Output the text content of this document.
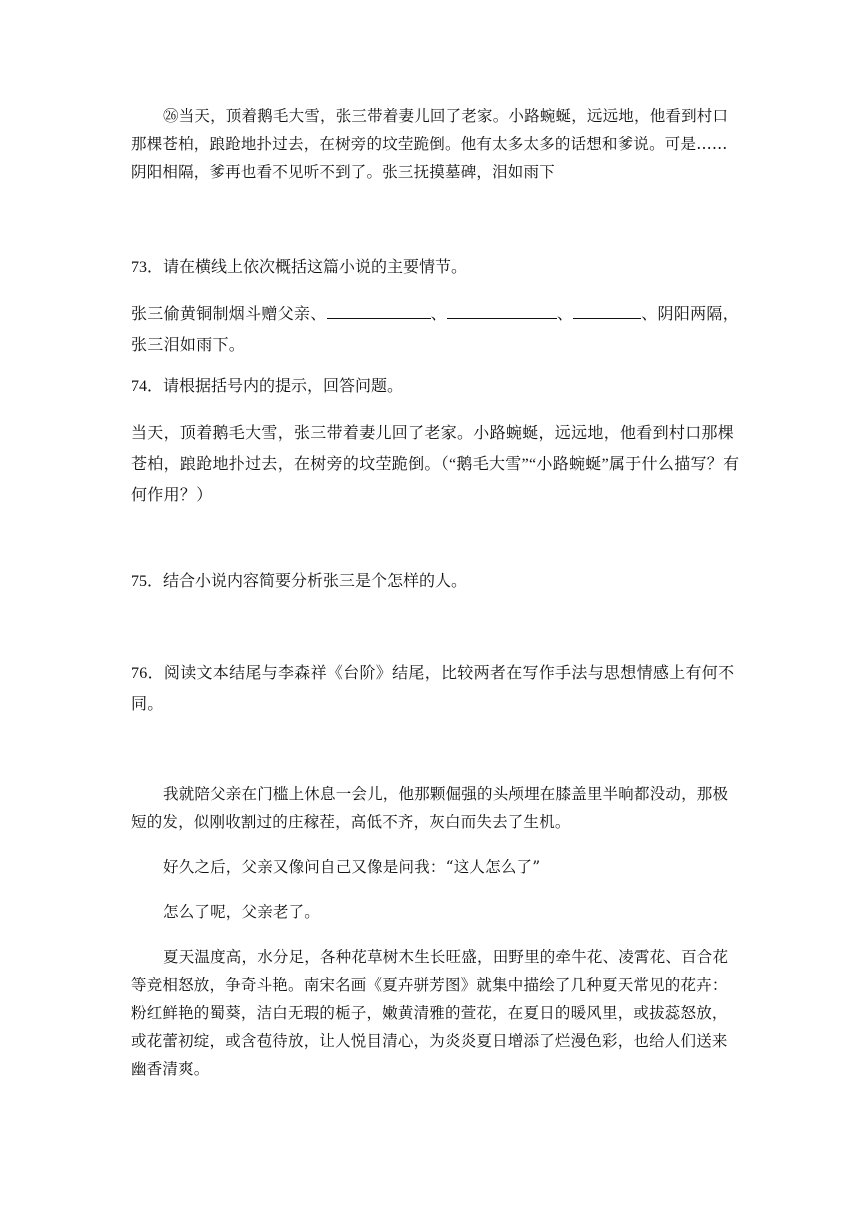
㉖当天，顶着鹅毛大雪，张三带着妻儿回了老家。小路蜿蜒，远远地，他看到村口那棵苍柏，踉跄地扑过去，在树旁的坟茔跪倒。他有太多太多的话想和爹说。可是……阴阳相隔，爹再也看不见听不到了。张三抚摸墓碑，泪如雨下

73．请在横线上依次概括这篇小说的主要情节。

张三偷黄铜制烟斗赠父亲、	、	、	、阴阳两隔，张三泪如雨下。

74．请根据括号内的提示，回答问题。

当天，顶着鹅毛大雪，张三带着妻儿回了老家。小路蜿蜒，远远地，他看到村口那棵苍柏，踉跄地扑过去，在树旁的坟茔跪倒。（“鹅毛大雪”“小路蜿蜒”属于什么描写？有何作用？）

75．结合小说内容简要分析张三是个怎样的人。

76．阅读文本结尾与李森祥《台阶》结尾，比较两者在写作手法与思想情感上有何不同。

我就陪父亲在门槛上休息一会儿，他那颗倔强的头颅埋在膝盖里半晌都没动，那极短的发，似刚收割过的庄稼茬，高低不齐，灰白而失去了生机。

好久之后，父亲又像问自己又像是问我：“这人怎么了”

怎么了呢，父亲老了。

夏天温度高，水分足，各种花草树木生长旺盛，田野里的牵牛花、凌霄花、百合花等竞相怒放，争奇斗艳。南宋名画《夏卉骈芳图》就集中描绘了几种夏天常见的花卉：粉红鲜艳的蜀葵，洁白无瑕的栀子，嫩黄清雅的萱花，在夏日的暖风里，或拔蕊怒放，或花蕾初绽，或含苞待放，让人悦目清心，为炎炎夏日增添了烂漫色彩，也给人们送来幽香清爽。
